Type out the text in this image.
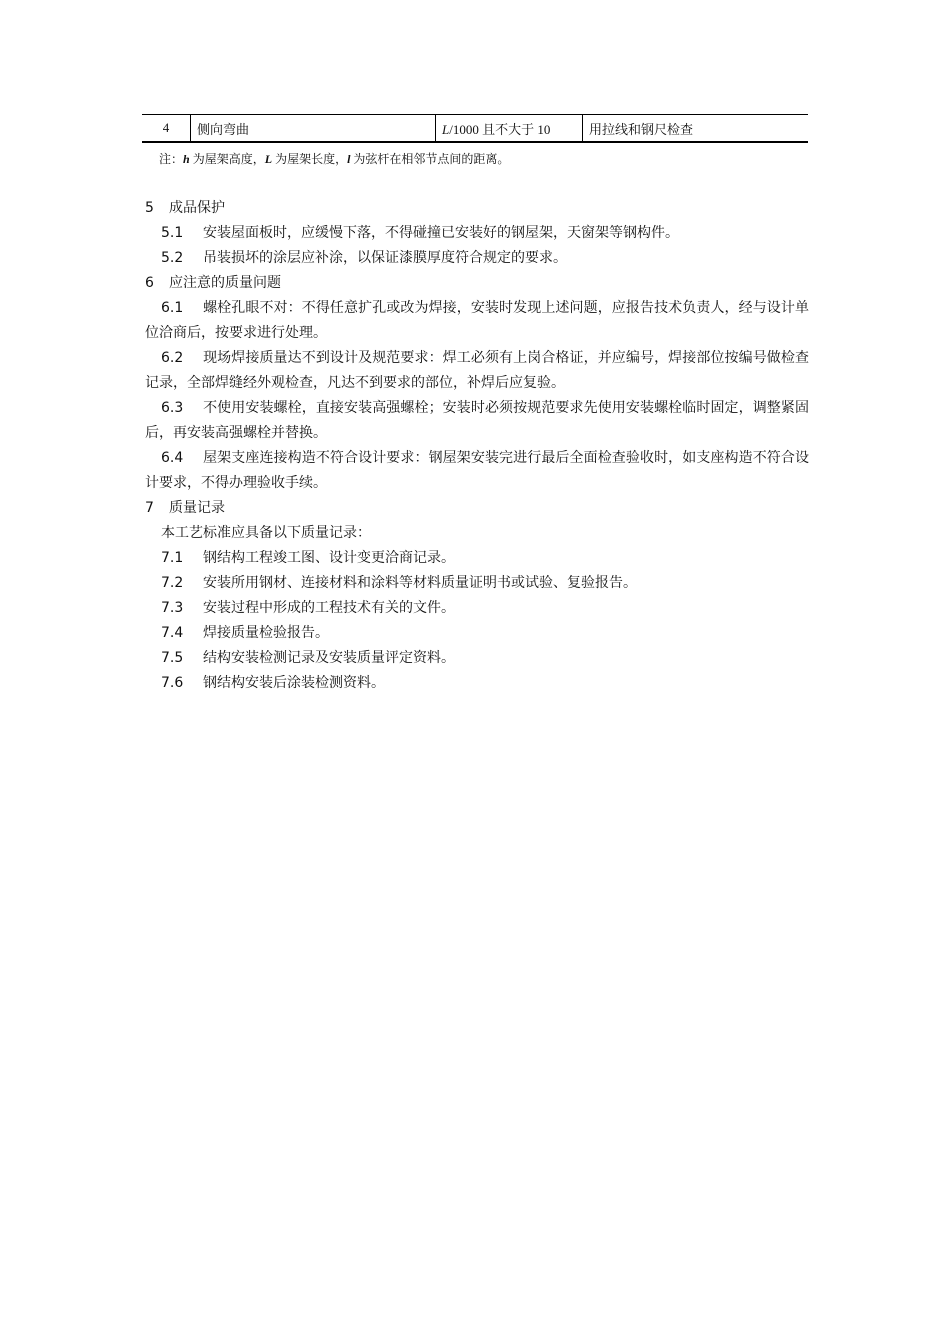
4	侧向弯曲	L/1000 且不大于 10	用拉线和钢尺检查
注：h 为屋架高度，L 为屋架长度，l 为弦杆在相邻节点间的距离。
5 成品保护
5.1 安装屋面板时，应缓慢下落，不得碰撞已安装好的钢屋架，天窗架等钢构件。
5.2 吊装损坏的涂层应补涂，以保证漆膜厚度符合规定的要求。
6 应注意的质量问题
6.1 螺栓孔眼不对：不得任意扩孔或改为焊接，安装时发现上述问题，应报告技术负责人，经与设计单位洽商后，按要求进行处理。
6.2 现场焊接质量达不到设计及规范要求：焊工必须有上岗合格证，并应编号，焊接部位按编号做检查记录，全部焊缝经外观检查，凡达不到要求的部位，补焊后应复验。
6.3 不使用安装螺栓，直接安装高强螺栓；安装时必须按规范要求先使用安装螺栓临时固定，调整紧固后，再安装高强螺栓并替换。
6.4 屋架支座连接构造不符合设计要求：钢屋架安装完进行最后全面检查验收时，如支座构造不符合设计要求，不得办理验收手续。
7 质量记录
本工艺标准应具备以下质量记录：
7.1 钢结构工程竣工图、设计变更洽商记录。
7.2 安装所用钢材、连接材料和涂料等材料质量证明书或试验、复验报告。
7.3 安装过程中形成的工程技术有关的文件。
7.4 焊接质量检验报告。
7.5 结构安装检测记录及安装质量评定资料。
7.6 钢结构安装后涂装检测资料。
